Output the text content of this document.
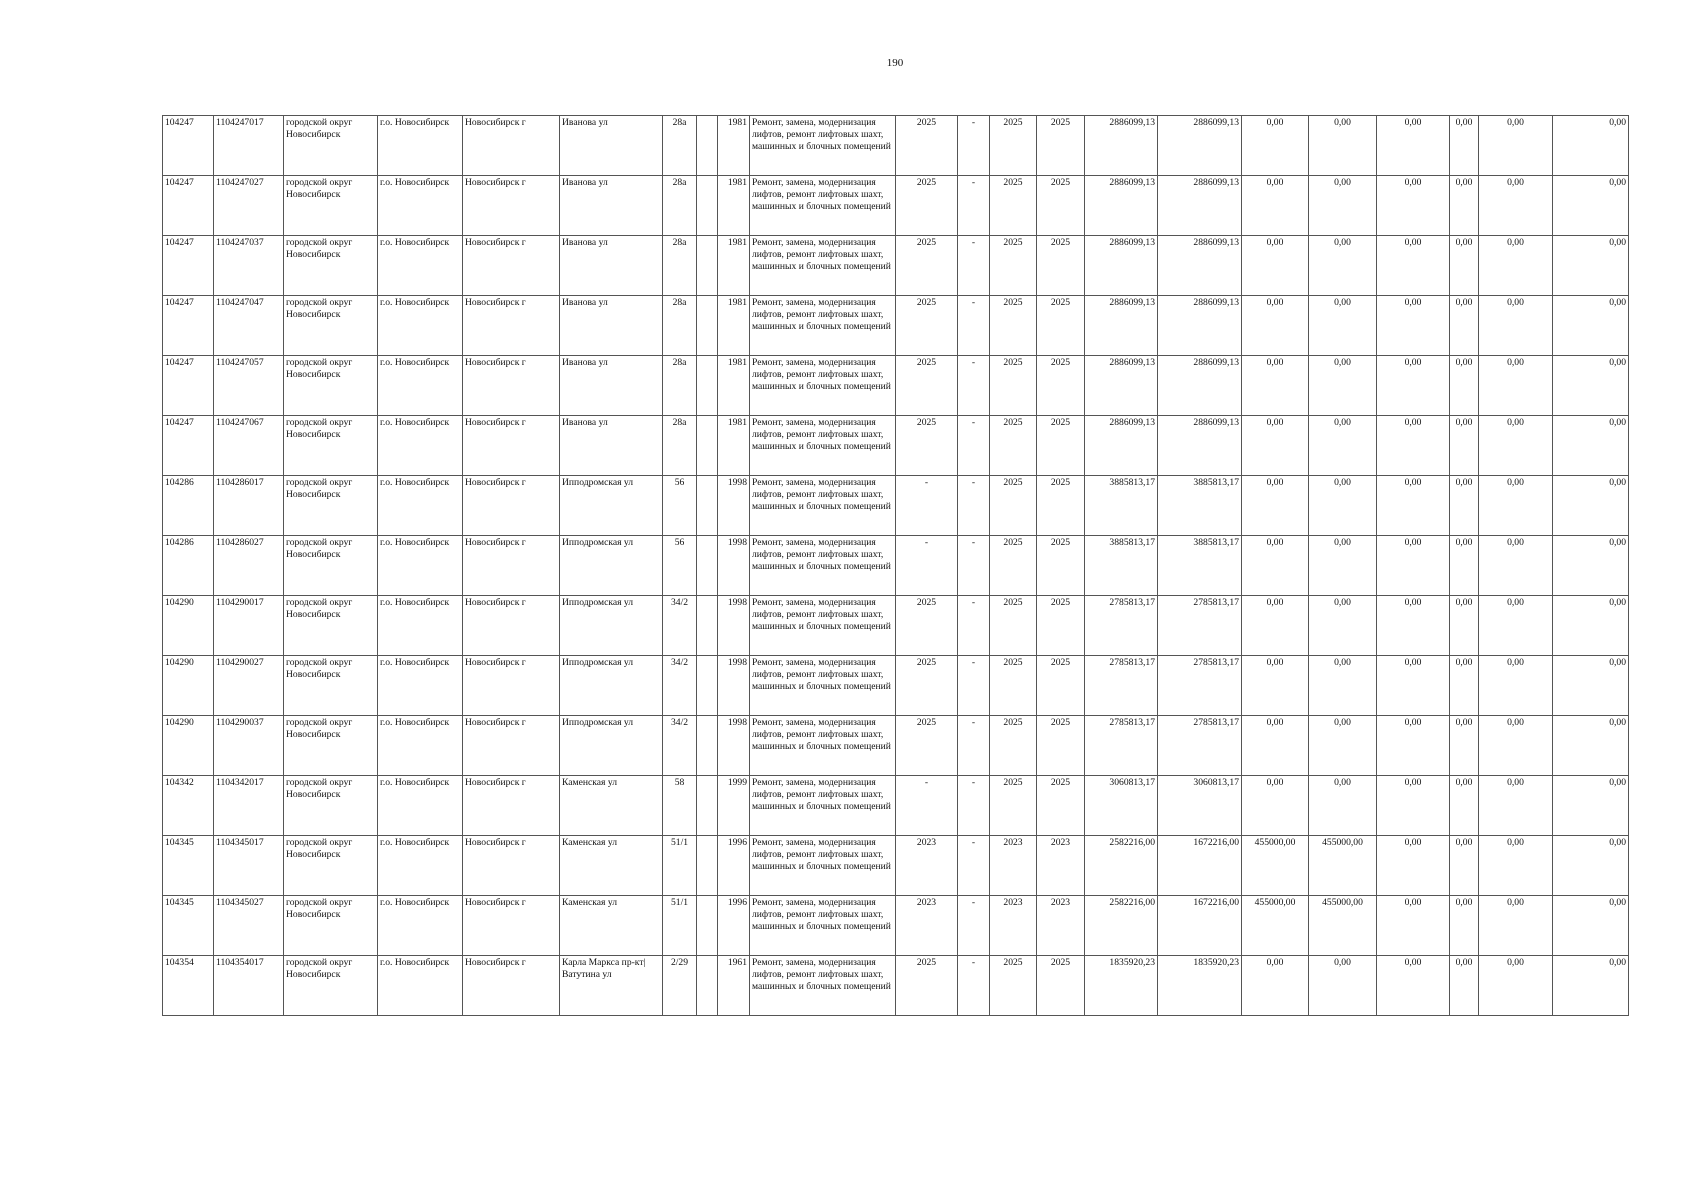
190
104247	1104247017	городской округ Новосибирск	г.о. Новосибирск	Новосибирск г	Иванова ул	28а		1981	Ремонт, замена, модернизация лифтов, ремонт лифтовых шахт, машинных и блочных помещений	2025	-	2025	2025	2886099,13	2886099,13	0,00	0,00	0,00	0,00	0,00	0,00
104247	1104247027	городской округ Новосибирск	г.о. Новосибирск	Новосибирск г	Иванова ул	28а		1981	Ремонт, замена, модернизация лифтов, ремонт лифтовых шахт, машинных и блочных помещений	2025	-	2025	2025	2886099,13	2886099,13	0,00	0,00	0,00	0,00	0,00	0,00
104247	1104247037	городской округ Новосибирск	г.о. Новосибирск	Новосибирск г	Иванова ул	28а		1981	Ремонт, замена, модернизация лифтов, ремонт лифтовых шахт, машинных и блочных помещений	2025	-	2025	2025	2886099,13	2886099,13	0,00	0,00	0,00	0,00	0,00	0,00
104247	1104247047	городской округ Новосибирск	г.о. Новосибирск	Новосибирск г	Иванова ул	28а		1981	Ремонт, замена, модернизация лифтов, ремонт лифтовых шахт, машинных и блочных помещений	2025	-	2025	2025	2886099,13	2886099,13	0,00	0,00	0,00	0,00	0,00	0,00
104247	1104247057	городской округ Новосибирск	г.о. Новосибирск	Новосибирск г	Иванова ул	28а		1981	Ремонт, замена, модернизация лифтов, ремонт лифтовых шахт, машинных и блочных помещений	2025	-	2025	2025	2886099,13	2886099,13	0,00	0,00	0,00	0,00	0,00	0,00
104247	1104247067	городской округ Новосибирск	г.о. Новосибирск	Новосибирск г	Иванова ул	28а		1981	Ремонт, замена, модернизация лифтов, ремонт лифтовых шахт, машинных и блочных помещений	2025	-	2025	2025	2886099,13	2886099,13	0,00	0,00	0,00	0,00	0,00	0,00
104286	1104286017	городской округ Новосибирск	г.о. Новосибирск	Новосибирск г	Ипподромская ул	56		1998	Ремонт, замена, модернизация лифтов, ремонт лифтовых шахт, машинных и блочных помещений	-	-	2025	2025	3885813,17	3885813,17	0,00	0,00	0,00	0,00	0,00	0,00
104286	1104286027	городской округ Новосибирск	г.о. Новосибирск	Новосибирск г	Ипподромская ул	56		1998	Ремонт, замена, модернизация лифтов, ремонт лифтовых шахт, машинных и блочных помещений	-	-	2025	2025	3885813,17	3885813,17	0,00	0,00	0,00	0,00	0,00	0,00
104290	1104290017	городской округ Новосибирск	г.о. Новосибирск	Новосибирск г	Ипподромская ул	34/2		1998	Ремонт, замена, модернизация лифтов, ремонт лифтовых шахт, машинных и блочных помещений	2025	-	2025	2025	2785813,17	2785813,17	0,00	0,00	0,00	0,00	0,00	0,00
104290	1104290027	городской округ Новосибирск	г.о. Новосибирск	Новосибирск г	Ипподромская ул	34/2		1998	Ремонт, замена, модернизация лифтов, ремонт лифтовых шахт, машинных и блочных помещений	2025	-	2025	2025	2785813,17	2785813,17	0,00	0,00	0,00	0,00	0,00	0,00
104290	1104290037	городской округ Новосибирск	г.о. Новосибирск	Новосибирск г	Ипподромская ул	34/2		1998	Ремонт, замена, модернизация лифтов, ремонт лифтовых шахт, машинных и блочных помещений	2025	-	2025	2025	2785813,17	2785813,17	0,00	0,00	0,00	0,00	0,00	0,00
104342	1104342017	городской округ Новосибирск	г.о. Новосибирск	Новосибирск г	Каменская ул	58		1999	Ремонт, замена, модернизация лифтов, ремонт лифтовых шахт, машинных и блочных помещений	-	-	2025	2025	3060813,17	3060813,17	0,00	0,00	0,00	0,00	0,00	0,00
104345	1104345017	городской округ Новосибирск	г.о. Новосибирск	Новосибирск г	Каменская ул	51/1		1996	Ремонт, замена, модернизация лифтов, ремонт лифтовых шахт, машинных и блочных помещений	2023	-	2023	2023	2582216,00	1672216,00	455000,00	455000,00	0,00	0,00	0,00	0,00
104345	1104345027	городской округ Новосибирск	г.о. Новосибирск	Новосибирск г	Каменская ул	51/1		1996	Ремонт, замена, модернизация лифтов, ремонт лифтовых шахт, машинных и блочных помещений	2023	-	2023	2023	2582216,00	1672216,00	455000,00	455000,00	0,00	0,00	0,00	0,00
104354	1104354017	городской округ Новосибирск	г.о. Новосибирск	Новосибирск г	Карла Маркса пр-кт| Ватутина ул	2/29		1961	Ремонт, замена, модернизация лифтов, ремонт лифтовых шахт, машинных и блочных помещений	2025	-	2025	2025	1835920,23	1835920,23	0,00	0,00	0,00	0,00	0,00	0,00
